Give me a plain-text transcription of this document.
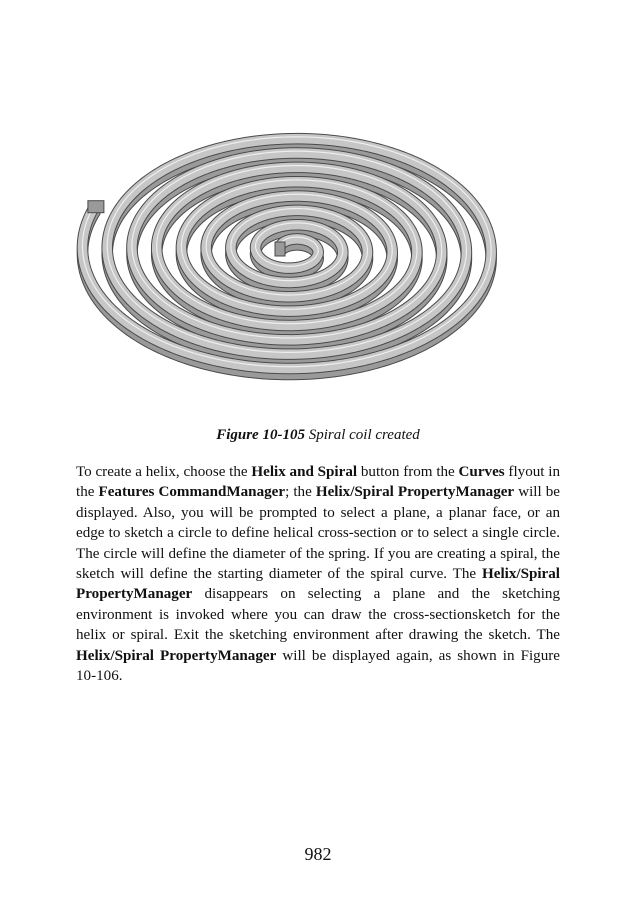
Figure 10-105 Spiral coil created

To create a helix, choose the Helix and Spiral button from the Curves flyout in the Features CommandManager; the Helix/Spiral PropertyManager will be displayed. Also, you will be prompted to select a plane, a planar face, or an edge to sketch a circle to define helical cross-section or to select a single circle. The circle will define the diameter of the spring. If you are creating a spiral, the sketch will define the starting diameter of the spiral curve. The Helix/Spiral PropertyManager disappears on selecting a plane and the sketching environment is invoked where you can draw the cross-sectionsketch for the helix or spiral. Exit the sketching environment after drawing the sketch. The Helix/Spiral PropertyManager will be displayed again, as shown in Figure 10-106.

982
